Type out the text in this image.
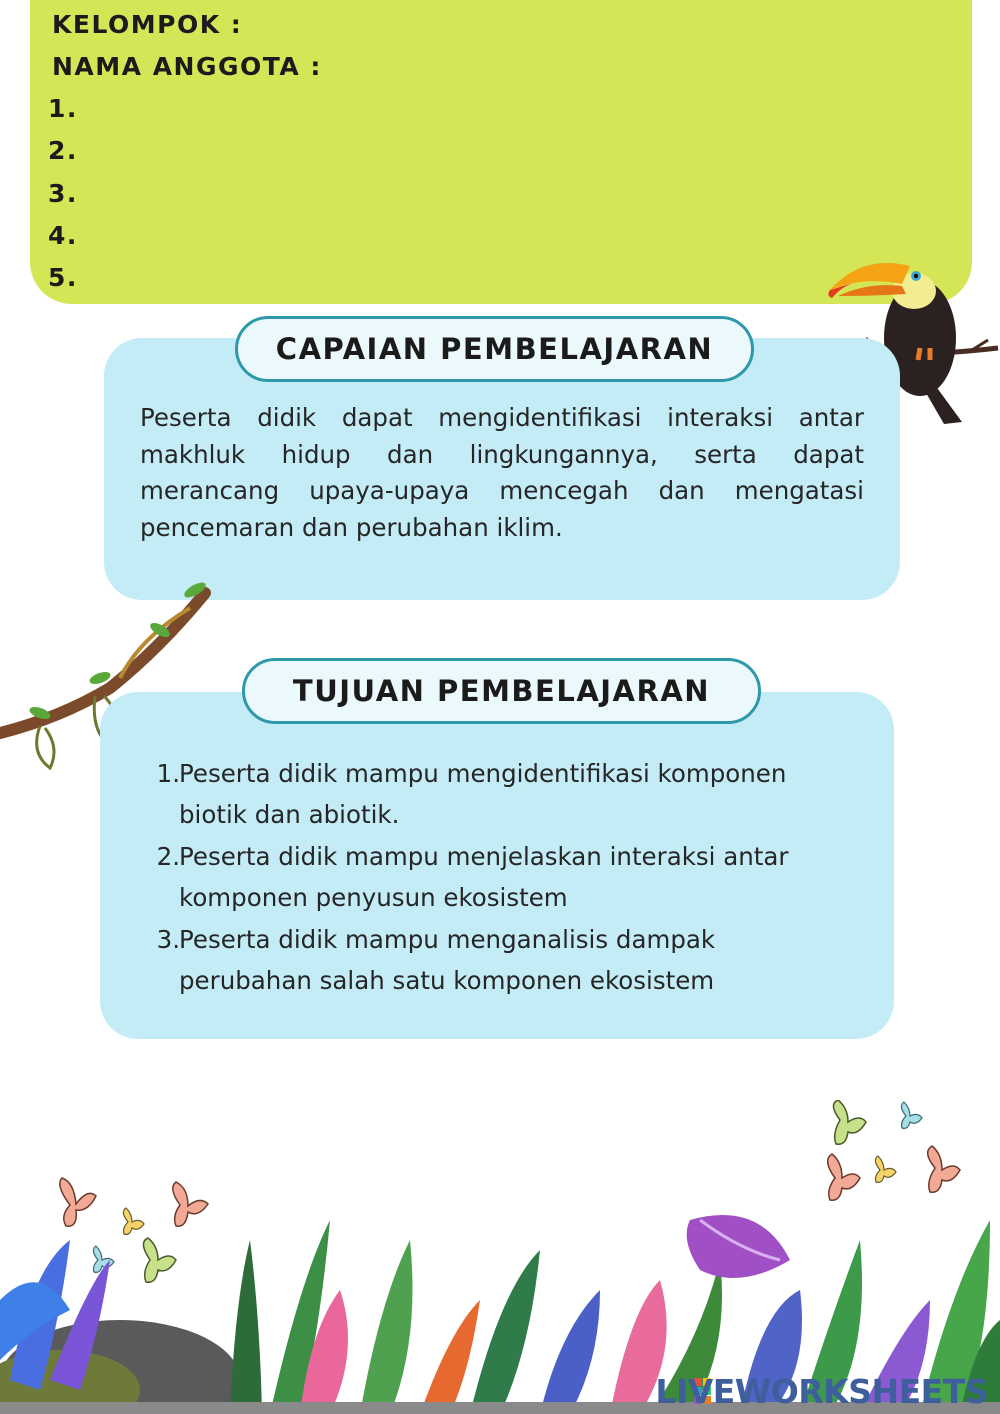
KELOMPOK :
NAMA ANGGOTA :
1.
2.
3.
4.
5.
CAPAIAN PEMBELAJARAN
Peserta didik dapat mengidentifikasi interaksi antar makhluk hidup dan lingkungannya, serta dapat merancang upaya-upaya mencegah dan mengatasi pencemaran dan perubahan iklim.
TUJUAN PEMBELAJARAN
1. Peserta didik mampu mengidentifikasi komponen
biotik dan abiotik.
2. Peserta didik mampu menjelaskan interaksi antar
komponen penyusun ekosistem
3. Peserta didik mampu menganalisis dampak
perubahan salah satu komponen ekosistem
LIVEWORKSHEETS
